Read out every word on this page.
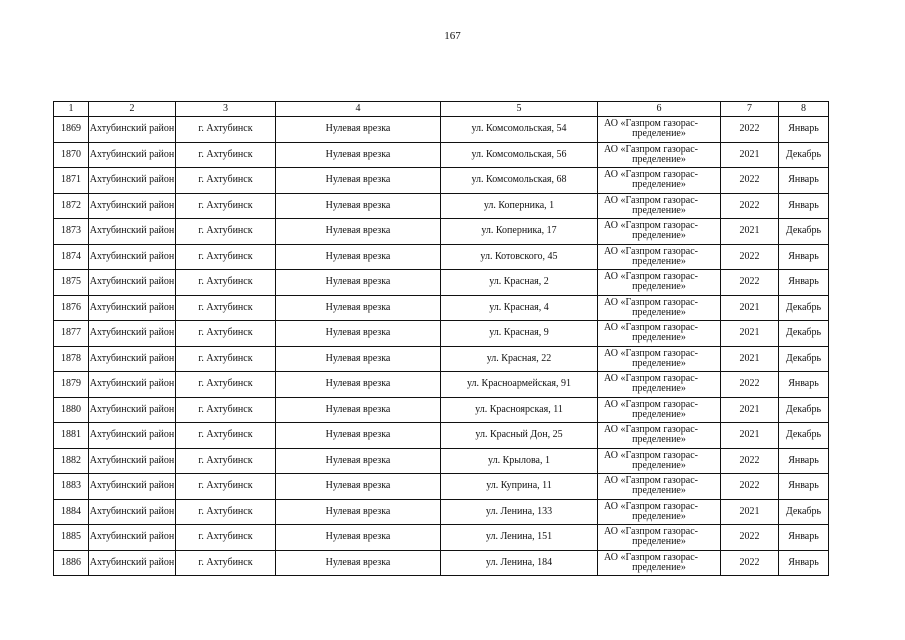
167
1	2	3	4	5	6	7	8
1869	Ахтубинский район	г. Ахтубинск	Нулевая врезка	ул. Комсомольская, 54	АО «Газпром газорас-
пределение»	2022	Январь
1870	Ахтубинский район	г. Ахтубинск	Нулевая врезка	ул. Комсомольская, 56	АО «Газпром газорас-
пределение»	2021	Декабрь
1871	Ахтубинский район	г. Ахтубинск	Нулевая врезка	ул. Комсомольская, 68	АО «Газпром газорас-
пределение»	2022	Январь
1872	Ахтубинский район	г. Ахтубинск	Нулевая врезка	ул. Коперника, 1	АО «Газпром газорас-
пределение»	2022	Январь
1873	Ахтубинский район	г. Ахтубинск	Нулевая врезка	ул. Коперника, 17	АО «Газпром газорас-
пределение»	2021	Декабрь
1874	Ахтубинский район	г. Ахтубинск	Нулевая врезка	ул. Котовского, 45	АО «Газпром газорас-
пределение»	2022	Январь
1875	Ахтубинский район	г. Ахтубинск	Нулевая врезка	ул. Красная, 2	АО «Газпром газорас-
пределение»	2022	Январь
1876	Ахтубинский район	г. Ахтубинск	Нулевая врезка	ул. Красная, 4	АО «Газпром газорас-
пределение»	2021	Декабрь
1877	Ахтубинский район	г. Ахтубинск	Нулевая врезка	ул. Красная, 9	АО «Газпром газорас-
пределение»	2021	Декабрь
1878	Ахтубинский район	г. Ахтубинск	Нулевая врезка	ул. Красная, 22	АО «Газпром газорас-
пределение»	2021	Декабрь
1879	Ахтубинский район	г. Ахтубинск	Нулевая врезка	ул. Красноармейская, 91	АО «Газпром газорас-
пределение»	2022	Январь
1880	Ахтубинский район	г. Ахтубинск	Нулевая врезка	ул. Красноярская, 11	АО «Газпром газорас-
пределение»	2021	Декабрь
1881	Ахтубинский район	г. Ахтубинск	Нулевая врезка	ул. Красный Дон, 25	АО «Газпром газорас-
пределение»	2021	Декабрь
1882	Ахтубинский район	г. Ахтубинск	Нулевая врезка	ул. Крылова, 1	АО «Газпром газорас-
пределение»	2022	Январь
1883	Ахтубинский район	г. Ахтубинск	Нулевая врезка	ул. Куприна, 11	АО «Газпром газорас-
пределение»	2022	Январь
1884	Ахтубинский район	г. Ахтубинск	Нулевая врезка	ул. Ленина, 133	АО «Газпром газорас-
пределение»	2021	Декабрь
1885	Ахтубинский район	г. Ахтубинск	Нулевая врезка	ул. Ленина, 151	АО «Газпром газорас-
пределение»	2022	Январь
1886	Ахтубинский район	г. Ахтубинск	Нулевая врезка	ул. Ленина, 184	АО «Газпром газорас-
пределение»	2022	Январь
